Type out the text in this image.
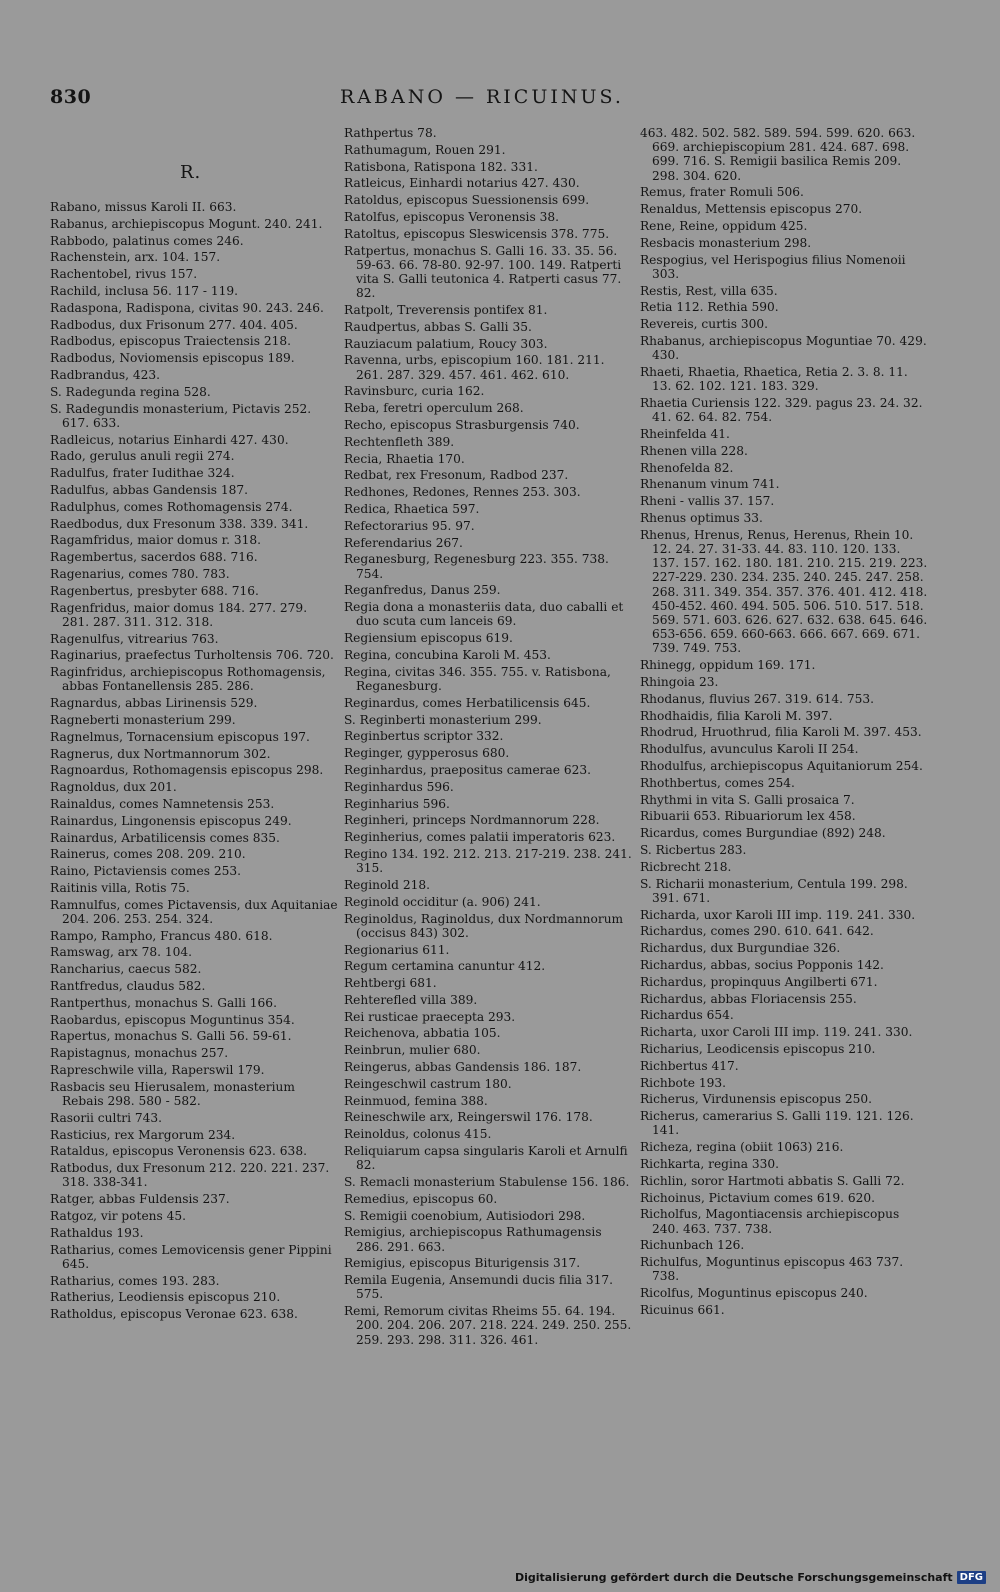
830	RABANO — RICUINUS.
R.
Rabano, missus Karoli II. 663.
Rabanus, archiepiscopus Mogunt. 240. 241.
Rabbodo, palatinus comes 246.
Rachenstein, arx. 104. 157.
Rachentobel, rivus 157.
Rachild, inclusa 56. 117 - 119.
Radaspona, Radispona, civitas 90. 243. 246.
Radbodus, dux Frisonum 277. 404. 405.
Radbodus, episcopus Traiectensis 218.
Radbodus, Noviomensis episcopus 189.
Radbrandus, 423.
S. Radegunda regina 528.
S. Radegundis monasterium, Pictavis 252. 617. 633.
Radleicus, notarius Einhardi 427. 430.
Rado, gerulus anuli regii 274.
Radulfus, frater Iudithae 324.
Radulfus, abbas Gandensis 187.
Radulphus, comes Rothomagensis 274.
Raedbodus, dux Fresonum 338. 339. 341.
Ragamfridus, maior domus r. 318.
Ragembertus, sacerdos 688. 716.
Ragenarius, comes 780. 783.
Ragenbertus, presbyter 688. 716.
Ragenfridus, maior domus 184. 277. 279. 281. 287. 311. 312. 318.
Ragenulfus, vitrearius 763.
Raginarius, praefectus Turholtensis 706. 720.
Raginfridus, archiepiscopus Rothomagensis, abbas Fontanellensis 285. 286.
Ragnardus, abbas Lirinensis 529.
Ragneberti monasterium 299.
Ragnelmus, Tornacensium episcopus 197.
Ragnerus, dux Nortmannorum 302.
Ragnoardus, Rothomagensis episcopus 298.
Ragnoldus, dux 201.
Rainaldus, comes Namnetensis 253.
Rainardus, Lingonensis episcopus 249.
Rainardus, Arbatilicensis comes 835.
Rainerus, comes 208. 209. 210.
Raino, Pictaviensis comes 253.
Raitinis villa, Rotis 75.
Ramnulfus, comes Pictavensis, dux Aquitaniae 204. 206. 253. 254. 324.
Rampo, Rampho, Francus 480. 618.
Ramswag, arx 78. 104.
Rancharius, caecus 582.
Rantfredus, claudus 582.
Rantperthus, monachus S. Galli 166.
Raobardus, episcopus Moguntinus 354.
Rapertus, monachus S. Galli 56. 59-61.
Rapistagnus, monachus 257.
Rapreschwile villa, Raperswil 179.
Rasbacis seu Hierusalem, monasterium Rebais 298. 580 - 582.
Rasorii cultri 743.
Rasticius, rex Margorum 234.
Rataldus, episcopus Veronensis 623. 638.
Ratbodus, dux Fresonum 212. 220. 221. 237. 318. 338-341.
Ratger, abbas Fuldensis 237.
Ratgoz, vir potens 45.
Rathaldus 193.
Ratharius, comes Lemovicensis gener Pippini 645.
Ratharius, comes 193. 283.
Ratherius, Leodiensis episcopus 210.
Ratholdus, episcopus Veronae 623. 638.
Rathpertus 78.
Rathumagum, Rouen 291.
Ratisbona, Ratispona 182. 331.
Ratleicus, Einhardi notarius 427. 430.
Ratoldus, episcopus Suessionensis 699.
Ratolfus, episcopus Veronensis 38.
Ratoltus, episcopus Sleswicensis 378. 775.
Ratpertus, monachus S. Galli 16. 33. 35. 56. 59-63. 66. 78-80. 92-97. 100. 149. Ratperti vita S. Galli teutonica 4. Ratperti casus 77. 82.
Ratpolt, Treverensis pontifex 81.
Raudpertus, abbas S. Galli 35.
Rauziacum palatium, Roucy 303.
Ravenna, urbs, episcopium 160. 181. 211. 261. 287. 329. 457. 461. 462. 610.
Ravinsburc, curia 162.
Reba, feretri operculum 268.
Recho, episcopus Strasburgensis 740.
Rechtenfleth 389.
Recia, Rhaetia 170.
Redbat, rex Fresonum, Radbod 237.
Redhones, Redones, Rennes 253. 303.
Redica, Rhaetica 597.
Refectorarius 95. 97.
Referendarius 267.
Reganesburg, Regenesburg 223. 355. 738. 754.
Reganfredus, Danus 259.
Regia dona a monasteriis data, duo caballi et duo scuta cum lanceis 69.
Regiensium episcopus 619.
Regina, concubina Karoli M. 453.
Regina, civitas 346. 355. 755. v. Ratisbona, Reganesburg.
Reginardus, comes Herbatilicensis 645.
S. Reginberti monasterium 299.
Reginbertus scriptor 332.
Reginger, gypperosus 680.
Reginhardus, praepositus camerae 623.
Reginhardus 596.
Reginharius 596.
Reginheri, princeps Nordmannorum 228.
Reginherius, comes palatii imperatoris 623.
Regino 134. 192. 212. 213. 217-219. 238. 241. 315.
Reginold 218.
Reginold occiditur (a. 906) 241.
Reginoldus, Raginoldus, dux Nordmannorum (occisus 843) 302.
Regionarius 611.
Regum certamina canuntur 412.
Rehtbergi 681.
Rehterefled villa 389.
Rei rusticae praecepta 293.
Reichenova, abbatia 105.
Reinbrun, mulier 680.
Reingerus, abbas Gandensis 186. 187.
Reingeschwil castrum 180.
Reinmuod, femina 388.
Reineschwile arx, Reingerswil 176. 178.
Reinoldus, colonus 415.
Reliquiarum capsa singularis Karoli et Arnulfi 82.
S. Remacli monasterium Stabulense 156. 186.
Remedius, episcopus 60.
S. Remigii coenobium, Autisiodori 298.
Remigius, archiepiscopus Rathumagensis 286. 291. 663.
Remigius, episcopus Biturigensis 317.
Remila Eugenia, Ansemundi ducis filia 317. 575.
Remi, Remorum civitas Rheims 55. 64. 194. 200. 204. 206. 207. 218. 224. 249. 250. 255. 259. 293. 298. 311. 326. 461.
463. 482. 502. 582. 589. 594. 599. 620. 663. 669. archiepiscopium 281. 424. 687. 698. 699. 716. S. Remigii basilica Remis 209. 298. 304. 620.
Remus, frater Romuli 506.
Renaldus, Mettensis episcopus 270.
Rene, Reine, oppidum 425.
Resbacis monasterium 298.
Respogius, vel Herispogius filius Nomenoii 303.
Restis, Rest, villa 635.
Retia 112. Rethia 590.
Revereis, curtis 300.
Rhabanus, archiepiscopus Moguntiae 70. 429. 430.
Rhaeti, Rhaetia, Rhaetica, Retia 2. 3. 8. 11. 13. 62. 102. 121. 183. 329.
Rhaetia Curiensis 122. 329. pagus 23. 24. 32. 41. 62. 64. 82. 754.
Rheinfelda 41.
Rhenen villa 228.
Rhenofelda 82.
Rhenanum vinum 741.
Rheni - vallis 37. 157.
Rhenus optimus 33.
Rhenus, Hrenus, Renus, Herenus, Rhein 10. 12. 24. 27. 31-33. 44. 83. 110. 120. 133. 137. 157. 162. 180. 181. 210. 215. 219. 223. 227-229. 230. 234. 235. 240. 245. 247. 258. 268. 311. 349. 354. 357. 376. 401. 412. 418. 450-452. 460. 494. 505. 506. 510. 517. 518. 569. 571. 603. 626. 627. 632. 638. 645. 646. 653-656. 659. 660-663. 666. 667. 669. 671. 739. 749. 753.
Rhinegg, oppidum 169. 171.
Rhingoia 23.
Rhodanus, fluvius 267. 319. 614. 753.
Rhodhaidis, filia Karoli M. 397.
Rhodrud, Hruothrud, filia Karoli M. 397. 453.
Rhodulfus, avunculus Karoli II 254.
Rhodulfus, archiepiscopus Aquitaniorum 254.
Rhothbertus, comes 254.
Rhythmi in vita S. Galli prosaica 7.
Ribuarii 653. Ribuariorum lex 458.
Ricardus, comes Burgundiae (892) 248.
S. Ricbertus 283.
Ricbrecht 218.
S. Richarii monasterium, Centula 199. 298. 391. 671.
Richarda, uxor Karoli III imp. 119. 241. 330.
Richardus, comes 290. 610. 641. 642.
Richardus, dux Burgundiae 326.
Richardus, abbas, socius Popponis 142.
Richardus, propinquus Angilberti 671.
Richardus, abbas Floriacensis 255.
Richardus 654.
Richarta, uxor Caroli III imp. 119. 241. 330.
Richarius, Leodicensis episcopus 210.
Richbertus 417.
Richbote 193.
Richerus, Virdunensis episcopus 250.
Richerus, camerarius S. Galli 119. 121. 126. 141.
Richeza, regina (obiit 1063) 216.
Richkarta, regina 330.
Richlin, soror Hartmoti abbatis S. Galli 72.
Richoinus, Pictavium comes 619. 620.
Richolfus, Magontiacensis archiepiscopus 240. 463. 737. 738.
Richunbach 126.
Richulfus, Moguntinus episcopus 463 737. 738.
Ricolfus, Moguntinus episcopus 240.
Ricuinus 661.
Digitalisierung gefördert durch die Deutsche Forschungsgemeinschaft DFG
